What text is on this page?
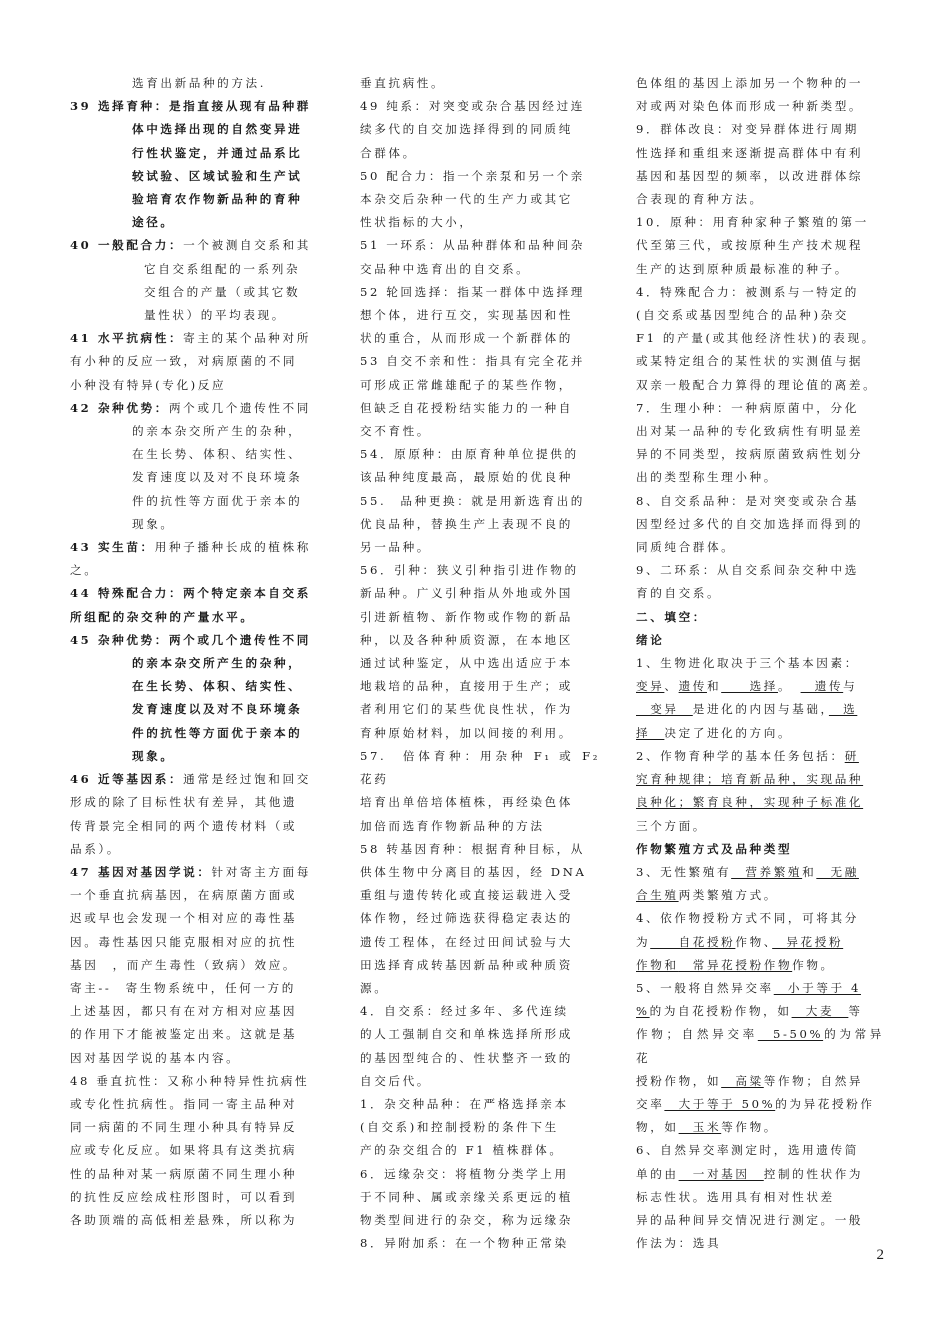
选育出新品种的方法.

39 选择育种：是指直接从现有品种群

体中选择出现的自然变异进

行性状鉴定，并通过品系比

较试验、区域试验和生产试

验培育农作物新品种的育种

途径。

40 一般配合力：一个被测自交系和其

它自交系组配的一系列杂

交组合的产量（或其它数

量性状）的平均表现。

41 水平抗病性：寄主的某个品种对所

有小种的反应一致，对病原菌的不同

小种没有特异(专化)反应

42 杂种优势：两个或几个遗传性不同

的亲本杂交所产生的杂种，

在生长势、体积、结实性、

发育速度以及对不良环境条

件的抗性等方面优于亲本的

现象。

43 实生苗：用种子播种长成的植株称

之。

44 特殊配合力：两个特定亲本自交系

所组配的杂交种的产量水平。

45 杂种优势：两个或几个遗传性不同

的亲本杂交所产生的杂种，

在生长势、体积、结实性、

发育速度以及对不良环境条

件的抗性等方面优于亲本的

现象。

46 近等基因系：通常是经过饱和回交

形成的除了目标性状有差异，其他遗

传背景完全相同的两个遗传材料（或

品系）。

47 基因对基因学说：针对寄主方面每

一个垂直抗病基因，在病原菌方面或

迟或早也会发现一个相对应的毒性基

因。毒性基因只能克服相对应的抗性

基因　，而产生毒性（致病）效应。

寄主--　寄生物系统中，任何一方的

上述基因，都只有在对方相对应基因

的作用下才能被鉴定出来。这就是基

因对基因学说的基本内容。

48 垂直抗性：又称小种特异性抗病性

或专化性抗病性。指同一寄主品种对

同一病菌的不同生理小种具有特异反

应或专化反应。如果将具有这类抗病

性的品种对某一病原菌不同生理小种

的抗性反应绘成柱形图时，可以看到

各助顶端的高低相差悬殊，所以称为

垂直抗病性。

49 纯系：对突变或杂合基因经过连

续多代的自交加选择得到的同质纯

合群体。

50 配合力：指一个亲泵和另一个亲

本杂交后杂种一代的生产力或其它

性状指标的大小，

51 一环系：从品种群体和品种间杂

交品种中选育出的自交系。

52 轮回选择：指某一群体中选择理

想个体，进行互交，实现基因和性

状的重合，从而形成一个新群体的

53 自交不亲和性：指具有完全花并

可形成正常雌雄配子的某些作物，

但缺乏自花授粉结实能力的一种自

交不育性。

54．原原种：由原育种单位提供的

该品种纯度最高，最原始的优良种

55.　品种更换：就是用新选育出的

优良品种，替换生产上表现不良的

另一品种。

56．引种：狭义引种指引进作物的

新品种。广义引种指从外地或外国

引进新植物、新作物或作物的新品

种，以及各种种质资源，在本地区

通过试种鉴定，从中选出适应于本

地栽培的品种，直接用于生产；或

者利用它们的某些优良性状，作为

育种原始材料，加以间接的利用。

57.　倍体育种：用杂种 F₁ 或 F₂ 花药

培育出单倍培体植株，再经染色体

加倍而选育作物新品种的方法

58 转基因育种：根据育种目标，从

供体生物中分离目的基因，经 DNA

重组与遗传转化或直接运载进入受

体作物，经过筛选获得稳定表达的

遗传工程体，在经过田间试验与大

田选择育成转基因新品种或种质资

源。

4．自交系：经过多年、多代连续

的人工强制自交和单株选择所形成

的基因型纯合的、性状整齐一致的

自交后代。

1．杂交种品种：在严格选择亲本

(自交系)和控制授粉的条件下生

产的杂交组合的 F1 植株群体。

6．远缘杂交：将植物分类学上用

于不同种、属或亲缘关系更远的植

物类型间进行的杂交，称为远缘杂

8．异附加系：在一个物种正常染

色体组的基因上添加另一个物种的一

对或两对染色体而形成一种新类型。

9．群体改良：对变异群体进行周期

性选择和重组来逐渐提高群体中有利

基因和基因型的频率，以改进群体综

合表现的育种方法。

10．原种：用育种家种子繁殖的第一

代至第三代，或按原种生产技术规程

生产的达到原种质最标准的种子。

4．特殊配合力：被测系与一特定的

(自交系或基因型纯合的品种)杂交

F1 的产量(或其他经济性状)的表现。

或某特定组合的某性状的实测值与据

双亲一般配合力算得的理论值的离差。

7．生理小种：一种病原菌中，分化

出对某一品种的专化致病性有明显差

异的不同类型，按病原菌致病性划分

出的类型称生理小种。

8、自交系品种：是对突变或杂合基

因型经过多代的自交加选择而得到的

同质纯合群体。

9、二环系：从自交系间杂交种中选

育的自交系。

二、填空：

绪论

1、生物进化取决于三个基本因素：

变异、遗传和　　选择。　　遗传与

　变异　是进化的内因与基础，　选

择　决定了进化的方向。

2、作物育种学的基本任务包括：研

究育种规律；培育新品种，实现品种

良种化；繁育良种，实现种子标准化

三个方面。

作物繁殖方式及品种类型

3、无性繁殖有　营养繁殖和　无融

合生殖两类繁殖方式。

4、依作物授粉方式不同，可将其分

为　　自花授粉作物、　异花授粉

作物和　常异花授粉作物作物。

5、一般将自然异交率　小于等于 4

%的为自花授粉作物，如　大麦　等

作物；自然异交率　5-50%的为常异花

授粉作物，如　高粱等作物；自然异

交率　大于等于 50%的为异花授粉作

物，如　玉米等作物。

6、自然异交率测定时，选用遗传简

单的由　一对基因　控制的性状作为

标志性状。选用具有相对性状差

异的品种间异交情况进行测定。一般

作法为：选具

2
